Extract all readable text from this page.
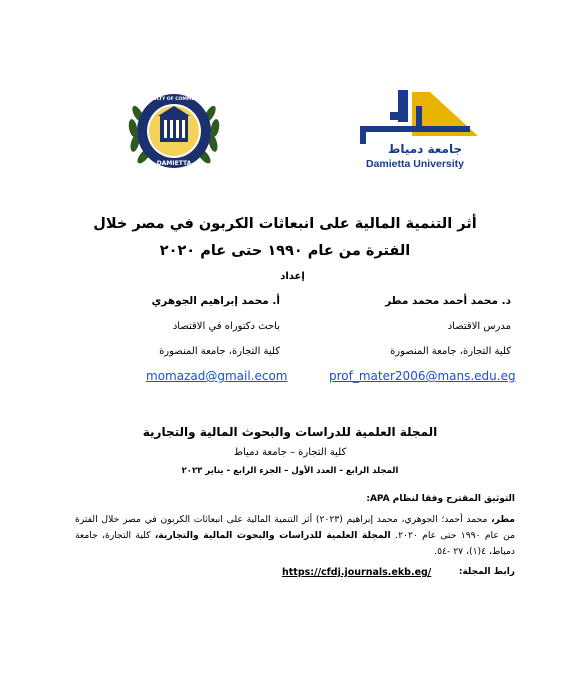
FACULTY OF COMMERCE
DAMIETTA
جامعة دمياط
Damietta University
أثر التنمية المالية على انبعاثات الكربون في مصر خلال
الفترة من عام ١٩٩٠ حتى عام ٢٠٢٠
إعداد
د. محمد أحمد محمد مطر
مدرس الاقتصاد
كلية التجارة، جامعة المنصورة
prof_mater2006@mans.edu.eg
أ. محمد إبراهيم الجوهري
باحث دكتوراه في الاقتصاد
كلية التجارة، جامعة المنصورة
momazad@gmail.ecom
المجلة العلمية للدراسات والبحوث المالية والتجارية
كلية التجارة – جامعة دمياط
المجلد الرابع - العدد الأول – الجزء الرابع - يناير ٢٠٢٣
التوثيق المقترح وفقا لنظام APA:
مطر، محمد أحمد؛ الجوهري، محمد إبراهيم (٢٠٢٣) أثر التنمية المالية على انبعاثات الكربون في مصر خلال الفترة من عام ١٩٩٠ حتى عام ٢٠٢٠. المجلة العلمية للدراسات والبحوث المالية والتجارية، كلية التجارة، جامعة دمياط، ٤(١)، ٢٧ -٥٤.
رابط المجلة:
https://cfdj.journals.ekb.eg/
